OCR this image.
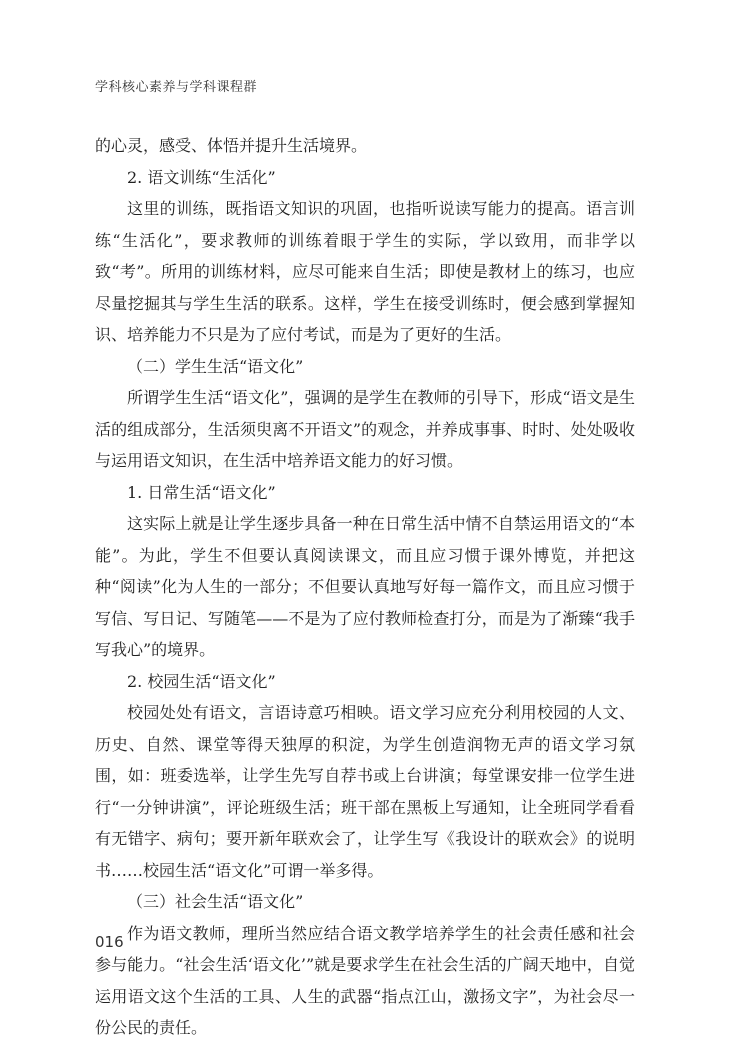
学科核心素养与学科课程群

的心灵，感受、体悟并提升生活境界。

2. 语文训练“生活化”

这里的训练，既指语文知识的巩固，也指听说读写能力的提高。语言训练“生活化”，要求教师的训练着眼于学生的实际，学以致用，而非学以致“考”。所用的训练材料，应尽可能来自生活；即使是教材上的练习，也应尽量挖掘其与学生生活的联系。这样，学生在接受训练时，便会感到掌握知识、培养能力不只是为了应付考试，而是为了更好的生活。

（二）学生生活“语文化”

所谓学生生活“语文化”，强调的是学生在教师的引导下，形成“语文是生活的组成部分，生活须臾离不开语文”的观念，并养成事事、时时、处处吸收与运用语文知识，在生活中培养语文能力的好习惯。

1. 日常生活“语文化”

这实际上就是让学生逐步具备一种在日常生活中情不自禁运用语文的“本能”。为此，学生不但要认真阅读课文，而且应习惯于课外博览，并把这种“阅读”化为人生的一部分；不但要认真地写好每一篇作文，而且应习惯于写信、写日记、写随笔——不是为了应付教师检查打分，而是为了渐臻“我手写我心”的境界。

2. 校园生活“语文化”

校园处处有语文，言语诗意巧相映。语文学习应充分利用校园的人文、历史、自然、课堂等得天独厚的积淀，为学生创造润物无声的语文学习氛围，如：班委选举，让学生先写自荐书或上台讲演；每堂课安排一位学生进行“一分钟讲演”，评论班级生活；班干部在黑板上写通知，让全班同学看看有无错字、病句；要开新年联欢会了，让学生写《我设计的联欢会》的说明书……校园生活“语文化”可谓一举多得。

（三）社会生活“语文化”

作为语文教师，理所当然应结合语文教学培养学生的社会责任感和社会参与能力。“社会生活‘语文化’”就是要求学生在社会生活的广阔天地中，自觉运用语文这个生活的工具、人生的武器“指点江山，激扬文字”，为社会尽一份公民的责任。

016
